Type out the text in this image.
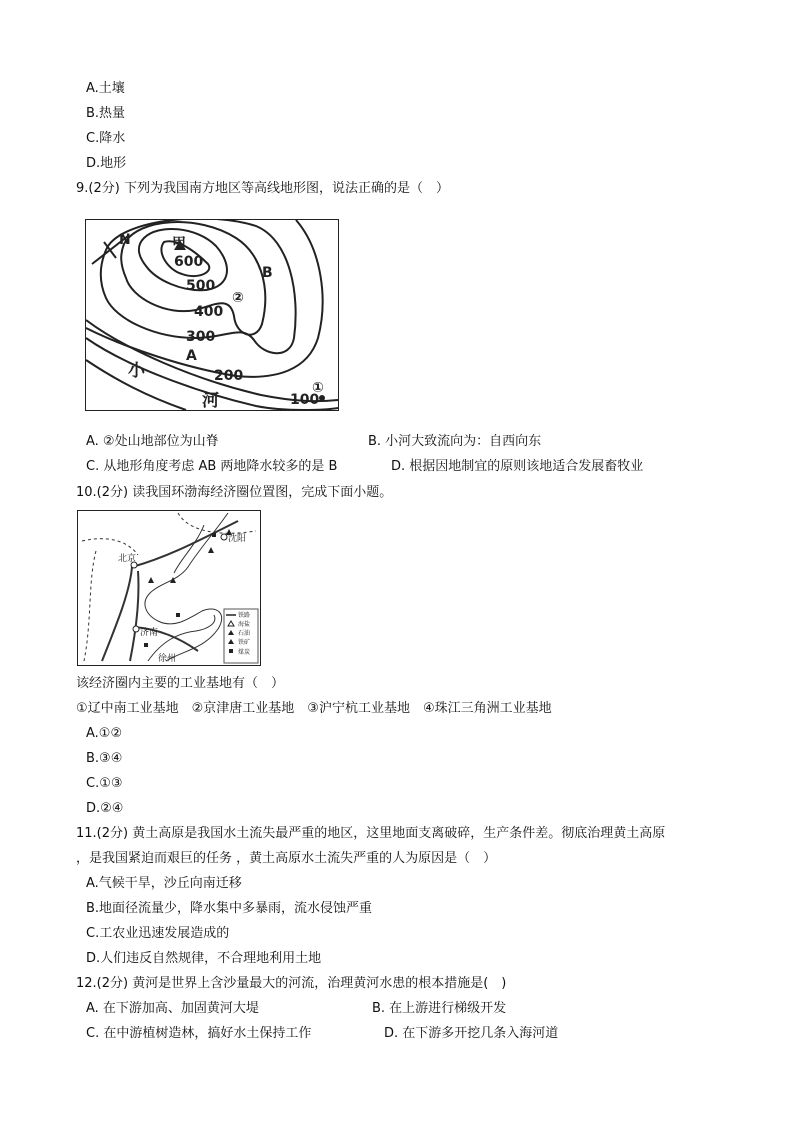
A.土壤
B.热量
C.降水
D.地形
9.(2分) 下列为我国南方地区等高线地形图，说法正确的是（　）
N	甲
600
500
400
300
200
100
A
B
②
①
小
河
A. ②处山地部位为山脊	B. 小河大致流向为：自西向东
C. 从地形角度考虑 AB 两地降水较多的是 B	D. 根据因地制宜的原则该地适合发展畜牧业
10.(2分) 读我国环渤海经济圈位置图，完成下面小题。
北京
沈阳
济南
徐州
铁路
海盐
石油
铁矿
煤炭
该经济圈内主要的工业基地有（　）
①辽中南工业基地　②京津唐工业基地　③沪宁杭工业基地　④珠江三角洲工业基地
A.①②
B.③④
C.①③
D.②④
11.(2分) 黄土高原是我国水土流失最严重的地区，这里地面支离破碎，生产条件差。彻底治理黄土高原
，是我国紧迫而艰巨的任务 ，黄土高原水土流失严重的人为原因是（　）
A.气候干旱，沙丘向南迁移
B.地面径流量少，降水集中多暴雨，流水侵蚀严重
C.工农业迅速发展造成的
D.人们违反自然规律，不合理地利用土地
12.(2分) 黄河是世界上含沙量最大的河流，治理黄河水患的根本措施是(　)
A. 在下游加高、加固黄河大堤	B. 在上游进行梯级开发
C. 在中游植树造林，搞好水土保持工作	D. 在下游多开挖几条入海河道
